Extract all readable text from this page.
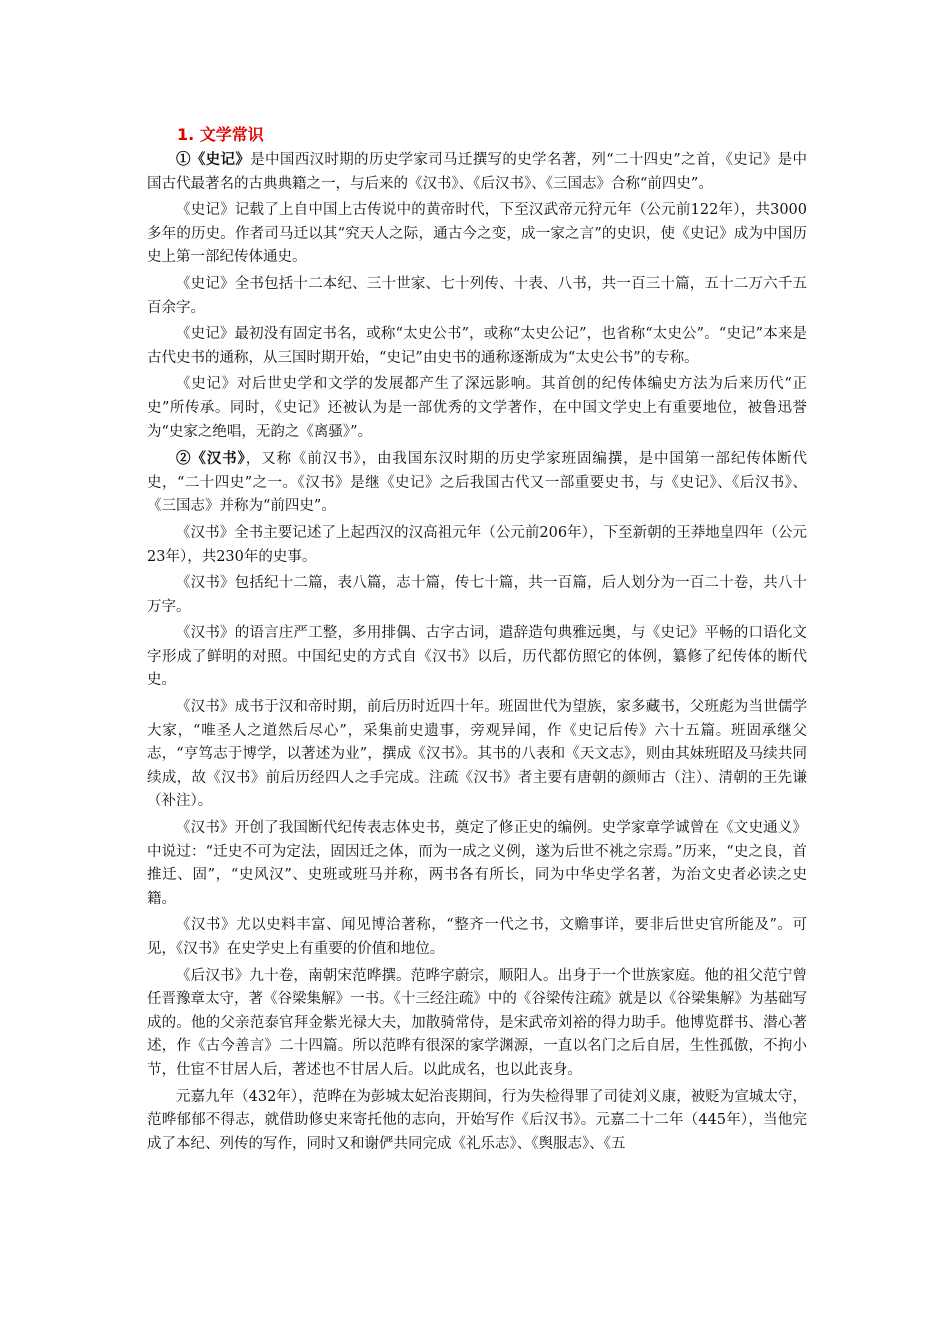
1. 文学常识

①《史记》是中国西汉时期的历史学家司马迁撰写的史学名著，列“二十四史”之首，《史记》是中国古代最著名的古典典籍之一，与后来的《汉书》、《后汉书》、《三国志》合称“前四史”。

《史记》记载了上自中国上古传说中的黄帝时代，下至汉武帝元狩元年（公元前122年），共3000多年的历史。作者司马迁以其“究天人之际，通古今之变，成一家之言”的史识，使《史记》成为中国历史上第一部纪传体通史。

《史记》全书包括十二本纪、三十世家、七十列传、十表、八书，共一百三十篇，五十二万六千五百余字。

《史记》最初没有固定书名，或称“太史公书”，或称“太史公记”，也省称“太史公”。“史记”本来是古代史书的通称，从三国时期开始，“史记”由史书的通称逐渐成为“太史公书”的专称。

《史记》对后世史学和文学的发展都产生了深远影响。其首创的纪传体编史方法为后来历代“正史”所传承。同时，《史记》还被认为是一部优秀的文学著作，在中国文学史上有重要地位，被鲁迅誉为“史家之绝唱，无韵之《离骚》”。

②《汉书》，又称《前汉书》，由我国东汉时期的历史学家班固编撰，是中国第一部纪传体断代史，“二十四史”之一。《汉书》是继《史记》之后我国古代又一部重要史书，与《史记》、《后汉书》、《三国志》并称为“前四史”。

《汉书》全书主要记述了上起西汉的汉高祖元年（公元前206年），下至新朝的王莽地皇四年（公元23年），共230年的史事。

《汉书》包括纪十二篇，表八篇，志十篇，传七十篇，共一百篇，后人划分为一百二十卷，共八十万字。

《汉书》的语言庄严工整，多用排偶、古字古词，遣辞造句典雅远奥，与《史记》平畅的口语化文字形成了鲜明的对照。中国纪史的方式自《汉书》以后，历代都仿照它的体例，纂修了纪传体的断代史。

《汉书》成书于汉和帝时期，前后历时近四十年。班固世代为望族，家多藏书，父班彪为当世儒学大家，“唯圣人之道然后尽心”，采集前史遗事，旁观异闻，作《史记后传》六十五篇。班固承继父志，“亨笃志于博学，以著述为业”，撰成《汉书》。其书的八表和《天文志》，则由其妹班昭及马续共同续成，故《汉书》前后历经四人之手完成。注疏《汉书》者主要有唐朝的颜师古（注）、清朝的王先谦（补注）。

《汉书》开创了我国断代纪传表志体史书，奠定了修正史的编例。史学家章学诚曾在《文史通义》中说过：“迁史不可为定法，固因迁之体，而为一成之义例，遂为后世不祧之宗焉。”历来，“史之良，首推迁、固”，“史风汉”、史班或班马并称，两书各有所长，同为中华史学名著，为治文史者必读之史籍。

《汉书》尤以史料丰富、闻见博洽著称，“整齐一代之书，文赡事详，要非后世史官所能及”。可见，《汉书》在史学史上有重要的价值和地位。

《后汉书》九十卷，南朝宋范晔撰。范晔字蔚宗，顺阳人。出身于一个世族家庭。他的祖父范宁曾任晋豫章太守，著《谷梁集解》一书。《十三经注疏》中的《谷梁传注疏》就是以《谷梁集解》为基础写成的。他的父亲范泰官拜金紫光禄大夫，加散骑常侍，是宋武帝刘裕的得力助手。他博览群书、潜心著述，作《古今善言》二十四篇。所以范晔有很深的家学渊源，一直以名门之后自居，生性孤傲，不拘小节，仕宦不甘居人后，著述也不甘居人后。以此成名，也以此丧身。

元嘉九年（432年），范晔在为彭城太妃治丧期间，行为失检得罪了司徒刘义康，被贬为宣城太守，范晔郁郁不得志，就借助修史来寄托他的志向，开始写作《后汉书》。元嘉二十二年（445年），当他完成了本纪、列传的写作，同时又和谢俨共同完成《礼乐志》、《舆服志》、《五
